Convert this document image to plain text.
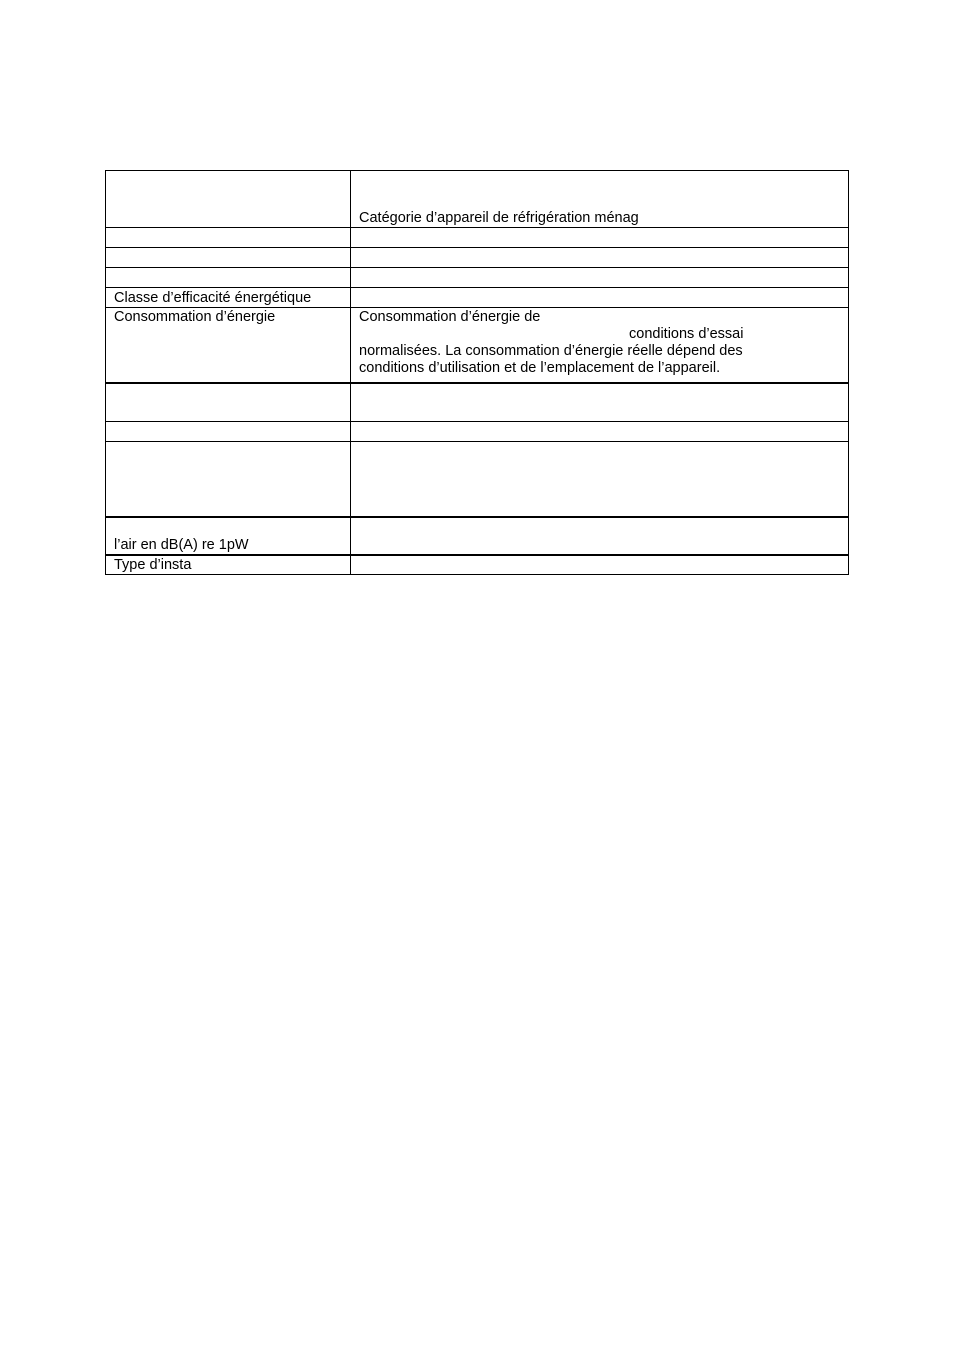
	Catégorie d’appareil de réfrigération ménag

Classe d’efficacité énergétique	
Consommation d’énergie	Consommation d’énergie de
conditions d’essai
normalisées. La consommation d’énergie réelle dépend des
conditions d’utilisation et de l’emplacement de l’appareil.

l’air en dB(A) re 1pW	
Type d’insta	
